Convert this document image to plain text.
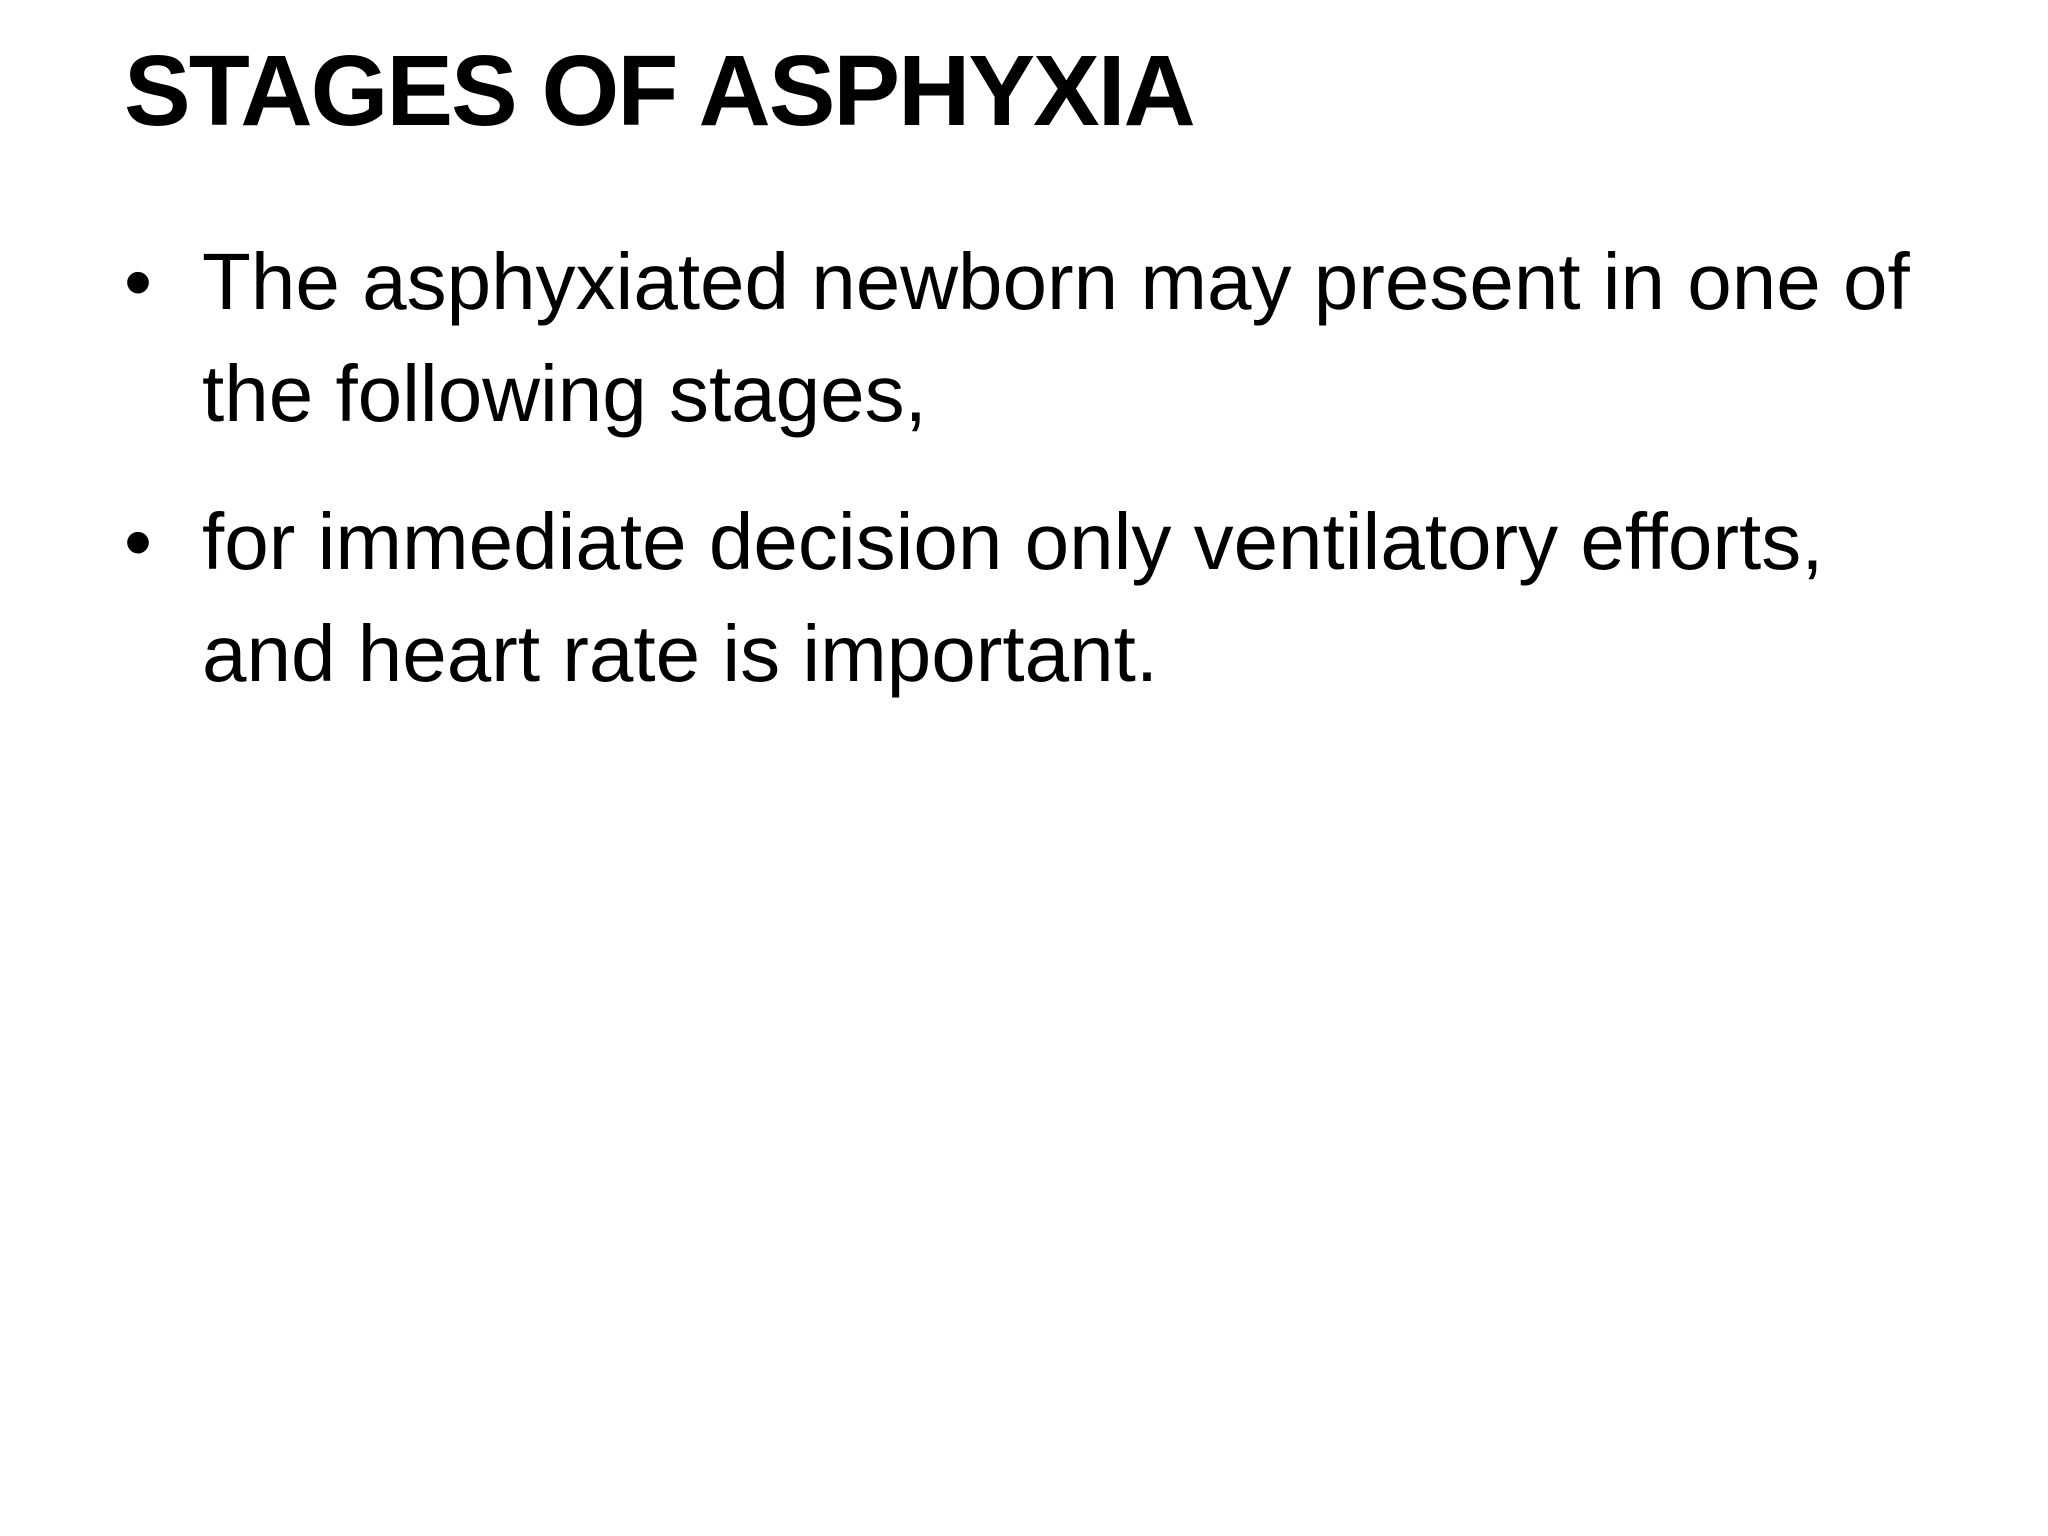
STAGES OF ASPHYXIA
• The asphyxiated newborn may present in one of the following stages,
• for immediate decision only ventilatory efforts, and heart rate is important.
